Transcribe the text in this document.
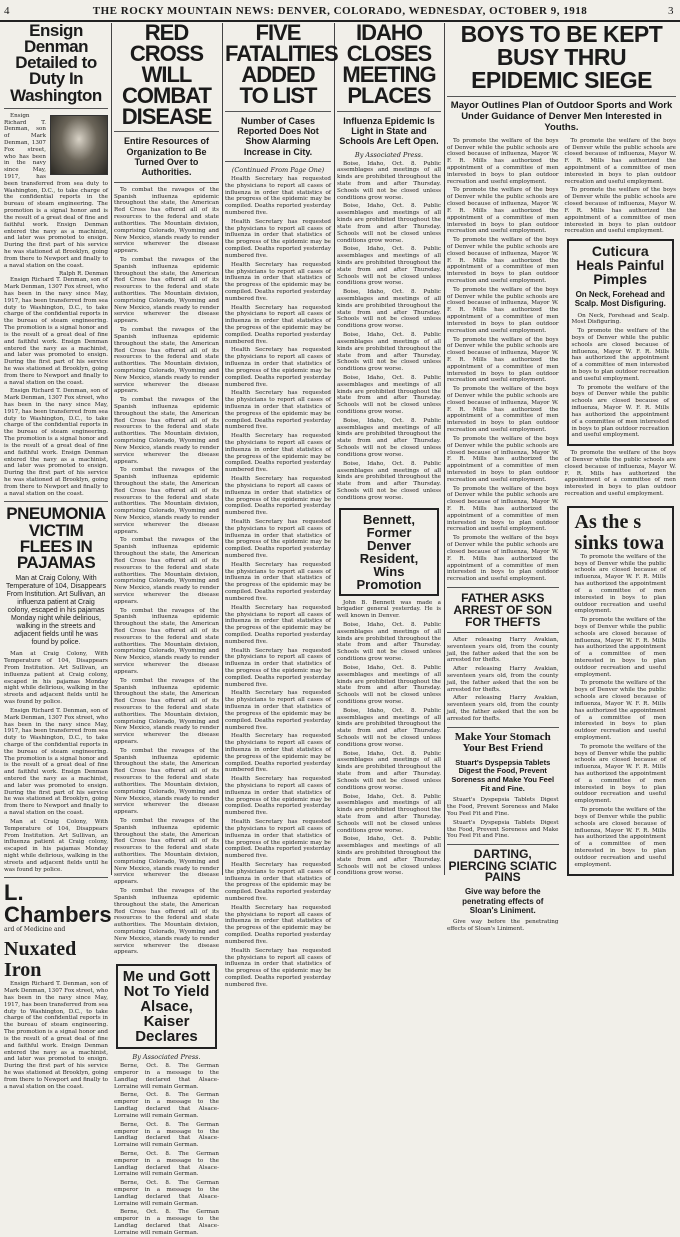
4	THE ROCKY MOUNTAIN NEWS: DENVER, COLORADO, WEDNESDAY, OCTOBER 9, 1918	3
Ensign Denman Detailed to Duty In Washington

Ensign Richard T. Denman, son of Mark Denman, 1307 Fox street, who has been in the navy since May, 1917, has been transferred from sea duty to Washington, D.C., to take charge of the confidential reports in the bureau of steam engineering. The promotion is a signal honor and is the result of a great deal of fine and faithful work. Ensign Denman entered the navy as a machinist, and later was promoted to ensign. During the first part of his service he was stationed at Brooklyn, going from there to Newport and finally to a naval station on the coast.

Ralph R. Denman

Ensign Richard T. Denman, son of Mark Denman, 1307 Fox street, who has been in the navy since May, 1917, has been transferred from sea duty to Washington, D.C., to take charge of the confidential reports in the bureau of steam engineering. The promotion is a signal honor and is the result of a great deal of fine and faithful work. Ensign Denman entered the navy as a machinist, and later was promoted to ensign. During the first part of his service he was stationed at Brooklyn, going from there to Newport and finally to a naval station on the coast.

Ensign Richard T. Denman, son of Mark Denman, 1307 Fox street, who has been in the navy since May, 1917, has been transferred from sea duty to Washington, D.C., to take charge of the confidential reports in the bureau of steam engineering. The promotion is a signal honor and is the result of a great deal of fine and faithful work. Ensign Denman entered the navy as a machinist, and later was promoted to ensign. During the first part of his service he was stationed at Brooklyn, going from there to Newport and finally to a naval station on the coast.

PNEUMONIA VICTIM FLEES IN PAJAMAS
Man at Craig Colony, With Temperature of 104, Disappears From Institution. Art Sullivan, an influenza patient at Craig colony, escaped in his pajamas Monday night while delirious, walking in the streets and adjacent fields until he was found by police.

Man at Craig Colony, With Temperature of 104, Disappears From Institution. Art Sullivan, an influenza patient at Craig colony, escaped in his pajamas Monday night while delirious, walking in the streets and adjacent fields until he was found by police.

Ensign Richard T. Denman, son of Mark Denman, 1307 Fox street, who has been in the navy since May, 1917, has been transferred from sea duty to Washington, D.C., to take charge of the confidential reports in the bureau of steam engineering. The promotion is a signal honor and is the result of a great deal of fine and faithful work. Ensign Denman entered the navy as a machinist, and later was promoted to ensign. During the first part of his service he was stationed at Brooklyn, going from there to Newport and finally to a naval station on the coast.

Man at Craig Colony, With Temperature of 104, Disappears From Institution. Art Sullivan, an influenza patient at Craig colony, escaped in his pajamas Monday night while delirious, walking in the streets and adjacent fields until he was found by police.

L. Chambers
ard of Medicine and
Nuxated Iron

Ensign Richard T. Denman, son of Mark Denman, 1307 Fox street, who has been in the navy since May, 1917, has been transferred from sea duty to Washington, D.C., to take charge of the confidential reports in the bureau of steam engineering. The promotion is a signal honor and is the result of a great deal of fine and faithful work. Ensign Denman entered the navy as a machinist, and later was promoted to ensign. During the first part of his service he was stationed at Brooklyn, going from there to Newport and finally to a naval station on the coast.

RED CROSS WILL COMBAT DISEASE
Entire Resources of Organization to Be Turned Over to Authorities.

To combat the ravages of the Spanish influenza epidemic throughout the state, the American Red Cross has offered all of its resources to the federal and state authorities. The Mountain division, comprising Colorado, Wyoming and New Mexico, stands ready to render service wherever the disease appears.

To combat the ravages of the Spanish influenza epidemic throughout the state, the American Red Cross has offered all of its resources to the federal and state authorities. The Mountain division, comprising Colorado, Wyoming and New Mexico, stands ready to render service wherever the disease appears.

To combat the ravages of the Spanish influenza epidemic throughout the state, the American Red Cross has offered all of its resources to the federal and state authorities. The Mountain division, comprising Colorado, Wyoming and New Mexico, stands ready to render service wherever the disease appears.

To combat the ravages of the Spanish influenza epidemic throughout the state, the American Red Cross has offered all of its resources to the federal and state authorities. The Mountain division, comprising Colorado, Wyoming and New Mexico, stands ready to render service wherever the disease appears.

To combat the ravages of the Spanish influenza epidemic throughout the state, the American Red Cross has offered all of its resources to the federal and state authorities. The Mountain division, comprising Colorado, Wyoming and New Mexico, stands ready to render service wherever the disease appears.

To combat the ravages of the Spanish influenza epidemic throughout the state, the American Red Cross has offered all of its resources to the federal and state authorities. The Mountain division, comprising Colorado, Wyoming and New Mexico, stands ready to render service wherever the disease appears.

To combat the ravages of the Spanish influenza epidemic throughout the state, the American Red Cross has offered all of its resources to the federal and state authorities. The Mountain division, comprising Colorado, Wyoming and New Mexico, stands ready to render service wherever the disease appears.

To combat the ravages of the Spanish influenza epidemic throughout the state, the American Red Cross has offered all of its resources to the federal and state authorities. The Mountain division, comprising Colorado, Wyoming and New Mexico, stands ready to render service wherever the disease appears.

To combat the ravages of the Spanish influenza epidemic throughout the state, the American Red Cross has offered all of its resources to the federal and state authorities. The Mountain division, comprising Colorado, Wyoming and New Mexico, stands ready to render service wherever the disease appears.

To combat the ravages of the Spanish influenza epidemic throughout the state, the American Red Cross has offered all of its resources to the federal and state authorities. The Mountain division, comprising Colorado, Wyoming and New Mexico, stands ready to render service wherever the disease appears.

To combat the ravages of the Spanish influenza epidemic throughout the state, the American Red Cross has offered all of its resources to the federal and state authorities. The Mountain division, comprising Colorado, Wyoming and New Mexico, stands ready to render service wherever the disease appears.

Me und Gott Not To Yield Alsace, Kaiser Declares
By Associated Press.

Berne, Oct. 8. The German emperor in a message to the Landtag declared that Alsace-Lorraine will remain German.

Berne, Oct. 8. The German emperor in a message to the Landtag declared that Alsace-Lorraine will remain German.

Berne, Oct. 8. The German emperor in a message to the Landtag declared that Alsace-Lorraine will remain German.

Berne, Oct. 8. The German emperor in a message to the Landtag declared that Alsace-Lorraine will remain German.

Berne, Oct. 8. The German emperor in a message to the Landtag declared that Alsace-Lorraine will remain German.

Berne, Oct. 8. The German emperor in a message to the Landtag declared that Alsace-Lorraine will remain German.

FIVE FATALITIES ADDED TO LIST
Number of Cases Reported Does Not Show Alarming Increase in City.
(Continued From Page One)

Health Secretary has requested the physicians to report all cases of influenza in order that statistics of the progress of the epidemic may be compiled. Deaths reported yesterday numbered five.

Health Secretary has requested the physicians to report all cases of influenza in order that statistics of the progress of the epidemic may be compiled. Deaths reported yesterday numbered five.

Health Secretary has requested the physicians to report all cases of influenza in order that statistics of the progress of the epidemic may be compiled. Deaths reported yesterday numbered five.

Health Secretary has requested the physicians to report all cases of influenza in order that statistics of the progress of the epidemic may be compiled. Deaths reported yesterday numbered five.

Health Secretary has requested the physicians to report all cases of influenza in order that statistics of the progress of the epidemic may be compiled. Deaths reported yesterday numbered five.

Health Secretary has requested the physicians to report all cases of influenza in order that statistics of the progress of the epidemic may be compiled. Deaths reported yesterday numbered five.

Health Secretary has requested the physicians to report all cases of influenza in order that statistics of the progress of the epidemic may be compiled. Deaths reported yesterday numbered five.

Health Secretary has requested the physicians to report all cases of influenza in order that statistics of the progress of the epidemic may be compiled. Deaths reported yesterday numbered five.

Health Secretary has requested the physicians to report all cases of influenza in order that statistics of the progress of the epidemic may be compiled. Deaths reported yesterday numbered five.

Health Secretary has requested the physicians to report all cases of influenza in order that statistics of the progress of the epidemic may be compiled. Deaths reported yesterday numbered five.

Health Secretary has requested the physicians to report all cases of influenza in order that statistics of the progress of the epidemic may be compiled. Deaths reported yesterday numbered five.

Health Secretary has requested the physicians to report all cases of influenza in order that statistics of the progress of the epidemic may be compiled. Deaths reported yesterday numbered five.

Health Secretary has requested the physicians to report all cases of influenza in order that statistics of the progress of the epidemic may be compiled. Deaths reported yesterday numbered five.

Health Secretary has requested the physicians to report all cases of influenza in order that statistics of the progress of the epidemic may be compiled. Deaths reported yesterday numbered five.

Health Secretary has requested the physicians to report all cases of influenza in order that statistics of the progress of the epidemic may be compiled. Deaths reported yesterday numbered five.

Health Secretary has requested the physicians to report all cases of influenza in order that statistics of the progress of the epidemic may be compiled. Deaths reported yesterday numbered five.

Health Secretary has requested the physicians to report all cases of influenza in order that statistics of the progress of the epidemic may be compiled. Deaths reported yesterday numbered five.

Health Secretary has requested the physicians to report all cases of influenza in order that statistics of the progress of the epidemic may be compiled. Deaths reported yesterday numbered five.

Health Secretary has requested the physicians to report all cases of influenza in order that statistics of the progress of the epidemic may be compiled. Deaths reported yesterday numbered five.

IDAHO CLOSES MEETING PLACES
Influenza Epidemic Is Light in State and Schools Are Left Open.
By Associated Press.

Boise, Idaho, Oct. 8. Public assemblages and meetings of all kinds are prohibited throughout the state from and after Thursday. Schools will not be closed unless conditions grow worse.

Boise, Idaho, Oct. 8. Public assemblages and meetings of all kinds are prohibited throughout the state from and after Thursday. Schools will not be closed unless conditions grow worse.

Boise, Idaho, Oct. 8. Public assemblages and meetings of all kinds are prohibited throughout the state from and after Thursday. Schools will not be closed unless conditions grow worse.

Boise, Idaho, Oct. 8. Public assemblages and meetings of all kinds are prohibited throughout the state from and after Thursday. Schools will not be closed unless conditions grow worse.

Boise, Idaho, Oct. 8. Public assemblages and meetings of all kinds are prohibited throughout the state from and after Thursday. Schools will not be closed unless conditions grow worse.

Boise, Idaho, Oct. 8. Public assemblages and meetings of all kinds are prohibited throughout the state from and after Thursday. Schools will not be closed unless conditions grow worse.

Boise, Idaho, Oct. 8. Public assemblages and meetings of all kinds are prohibited throughout the state from and after Thursday. Schools will not be closed unless conditions grow worse.

Boise, Idaho, Oct. 8. Public assemblages and meetings of all kinds are prohibited throughout the state from and after Thursday. Schools will not be closed unless conditions grow worse.

Bennett, Former Denver Resident, Wins Promotion

John B. Bennett was made a brigadier general yesterday. He is well known in Denver.

Boise, Idaho, Oct. 8. Public assemblages and meetings of all kinds are prohibited throughout the state from and after Thursday. Schools will not be closed unless conditions grow worse.

Boise, Idaho, Oct. 8. Public assemblages and meetings of all kinds are prohibited throughout the state from and after Thursday. Schools will not be closed unless conditions grow worse.

Boise, Idaho, Oct. 8. Public assemblages and meetings of all kinds are prohibited throughout the state from and after Thursday. Schools will not be closed unless conditions grow worse.

Boise, Idaho, Oct. 8. Public assemblages and meetings of all kinds are prohibited throughout the state from and after Thursday. Schools will not be closed unless conditions grow worse.

Boise, Idaho, Oct. 8. Public assemblages and meetings of all kinds are prohibited throughout the state from and after Thursday. Schools will not be closed unless conditions grow worse.

Boise, Idaho, Oct. 8. Public assemblages and meetings of all kinds are prohibited throughout the state from and after Thursday. Schools will not be closed unless conditions grow worse.

BOYS TO BE KEPT BUSY THRU EPIDEMIC SIEGE
Mayor Outlines Plan of Outdoor Sports and Work Under Guidance of Denver Men Interested in Youths.

To promote the welfare of the boys of Denver while the public schools are closed because of influenza, Mayor W. F. R. Mills has authorized the appointment of a committee of men interested in boys to plan outdoor recreation and useful employment.

To promote the welfare of the boys of Denver while the public schools are closed because of influenza, Mayor W. F. R. Mills has authorized the appointment of a committee of men interested in boys to plan outdoor recreation and useful employment.

To promote the welfare of the boys of Denver while the public schools are closed because of influenza, Mayor W. F. R. Mills has authorized the appointment of a committee of men interested in boys to plan outdoor recreation and useful employment.

To promote the welfare of the boys of Denver while the public schools are closed because of influenza, Mayor W. F. R. Mills has authorized the appointment of a committee of men interested in boys to plan outdoor recreation and useful employment.

To promote the welfare of the boys of Denver while the public schools are closed because of influenza, Mayor W. F. R. Mills has authorized the appointment of a committee of men interested in boys to plan outdoor recreation and useful employment.

To promote the welfare of the boys of Denver while the public schools are closed because of influenza, Mayor W. F. R. Mills has authorized the appointment of a committee of men interested in boys to plan outdoor recreation and useful employment.

To promote the welfare of the boys of Denver while the public schools are closed because of influenza, Mayor W. F. R. Mills has authorized the appointment of a committee of men interested in boys to plan outdoor recreation and useful employment.

To promote the welfare of the boys of Denver while the public schools are closed because of influenza, Mayor W. F. R. Mills has authorized the appointment of a committee of men interested in boys to plan outdoor recreation and useful employment.

To promote the welfare of the boys of Denver while the public schools are closed because of influenza, Mayor W. F. R. Mills has authorized the appointment of a committee of men interested in boys to plan outdoor recreation and useful employment.

FATHER ASKS ARREST OF SON FOR THEFTS

After releasing Harry Avakian, seventeen years old, from the county jail, the father asked that the son be arrested for thefts.

After releasing Harry Avakian, seventeen years old, from the county jail, the father asked that the son be arrested for thefts.

After releasing Harry Avakian, seventeen years old, from the county jail, the father asked that the son be arrested for thefts.

Make Your Stomach Your Best Friend
Stuart's Dyspepsia Tablets Digest the Food, Prevent Soreness and Make You Feel Fit and Fine.

Stuart's Dyspepsia Tablets Digest the Food, Prevent Soreness and Make You Feel Fit and Fine.

Stuart's Dyspepsia Tablets Digest the Food, Prevent Soreness and Make You Feel Fit and Fine.

DARTING, PIERCING SCIATIC PAINS
Give way before the penetrating effects of Sloan's Liniment.

Give way before the penetrating effects of Sloan's Liniment.

To promote the welfare of the boys of Denver while the public schools are closed because of influenza, Mayor W. F. R. Mills has authorized the appointment of a committee of men interested in boys to plan outdoor recreation and useful employment.

To promote the welfare of the boys of Denver while the public schools are closed because of influenza, Mayor W. F. R. Mills has authorized the appointment of a committee of men interested in boys to plan outdoor recreation and useful employment.

Cuticura Heals Painful Pimples
On Neck, Forehead and Scalp. Most Disfiguring.

On Neck, Forehead and Scalp. Most Disfiguring.

To promote the welfare of the boys of Denver while the public schools are closed because of influenza, Mayor W. F. R. Mills has authorized the appointment of a committee of men interested in boys to plan outdoor recreation and useful employment.

To promote the welfare of the boys of Denver while the public schools are closed because of influenza, Mayor W. F. R. Mills has authorized the appointment of a committee of men interested in boys to plan outdoor recreation and useful employment.

To promote the welfare of the boys of Denver while the public schools are closed because of influenza, Mayor W. F. R. Mills has authorized the appointment of a committee of men interested in boys to plan outdoor recreation and useful employment.

As the s
sinks towa

To promote the welfare of the boys of Denver while the public schools are closed because of influenza, Mayor W. F. R. Mills has authorized the appointment of a committee of men interested in boys to plan outdoor recreation and useful employment.

To promote the welfare of the boys of Denver while the public schools are closed because of influenza, Mayor W. F. R. Mills has authorized the appointment of a committee of men interested in boys to plan outdoor recreation and useful employment.

To promote the welfare of the boys of Denver while the public schools are closed because of influenza, Mayor W. F. R. Mills has authorized the appointment of a committee of men interested in boys to plan outdoor recreation and useful employment.

To promote the welfare of the boys of Denver while the public schools are closed because of influenza, Mayor W. F. R. Mills has authorized the appointment of a committee of men interested in boys to plan outdoor recreation and useful employment.

To promote the welfare of the boys of Denver while the public schools are closed because of influenza, Mayor W. F. R. Mills has authorized the appointment of a committee of men interested in boys to plan outdoor recreation and useful employment.
